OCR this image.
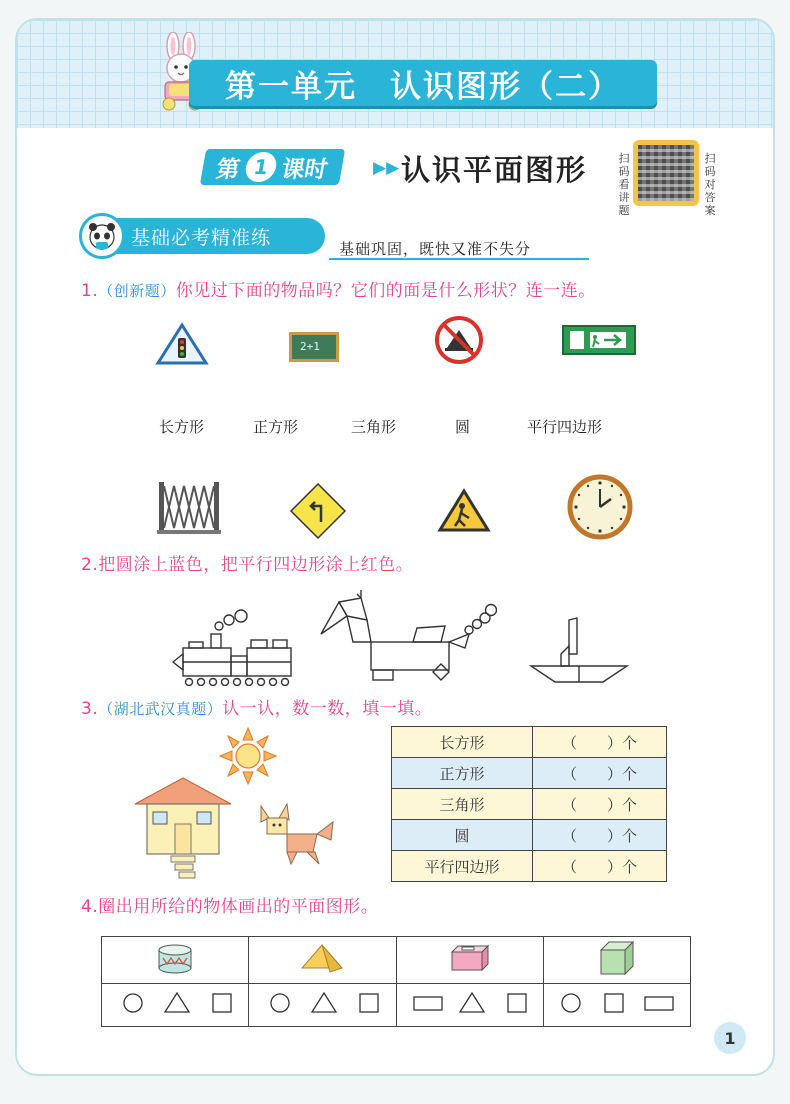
第一单元　认识图形（二）
第 1 课时	▶▶ 认识平面图形	扫码看讲题
扫码对答案
基础必考精准练
基础巩固，既快又准不失分
1.（创新题）你见过下面的物品吗？它们的面是什么形状？连一连。
2+1
长方形	正方形	三角形	圆	平行四边形
2.把圆涂上蓝色，把平行四边形涂上红色。
3.（湖北武汉真题）认一认，数一数，填一填。
长方形	（　　）个
正方形	（　　）个
三角形	（　　）个
圆	（　　）个
平行四边形	（　　）个
4.圈出用所给的物体画出的平面图形。

1
